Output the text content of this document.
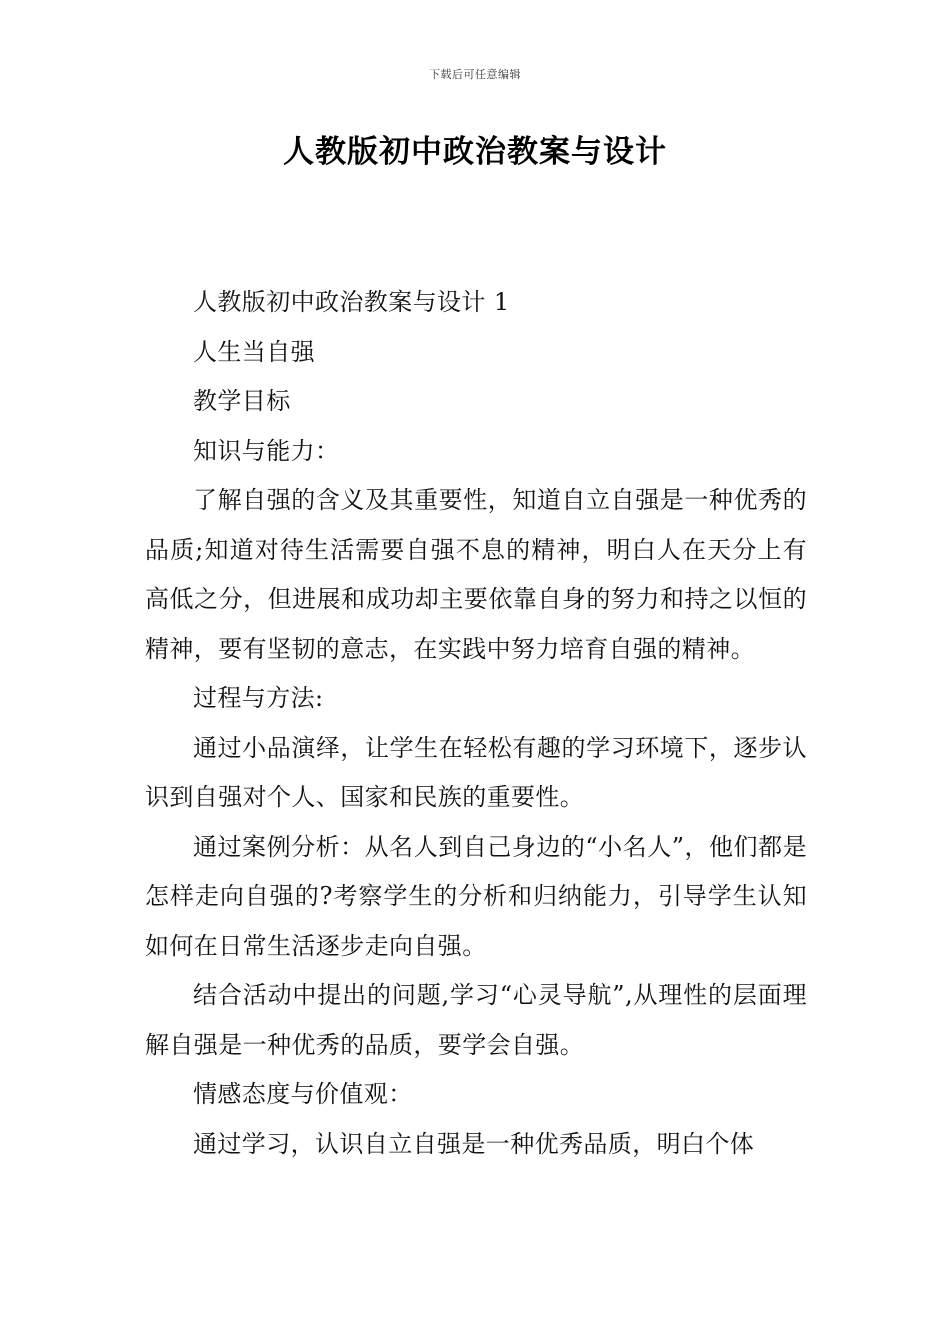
下载后可任意编辑
人教版初中政治教案与设计

人教版初中政治教案与设计 1

人生当自强

教学目标

知识与能力：

了解自强的含义及其重要性，知道自立自强是一种优秀的品质;知道对待生活需要自强不息的精神，明白人在天分上有高低之分，但进展和成功却主要依靠自身的努力和持之以恒的精神，要有坚韧的意志，在实践中努力培育自强的精神。

过程与方法:

通过小品演绎，让学生在轻松有趣的学习环境下，逐步认识到自强对个人、国家和民族的重要性。

通过案例分析：从名人到自己身边的“小名人”，他们都是怎样走向自强的?考察学生的分析和归纳能力，引导学生认知如何在日常生活逐步走向自强。

结合活动中提出的问题,学习“心灵导航”,从理性的层面理解自强是一种优秀的品质，要学会自强。

情感态度与价值观：

通过学习，认识自立自强是一种优秀品质，明白个体
